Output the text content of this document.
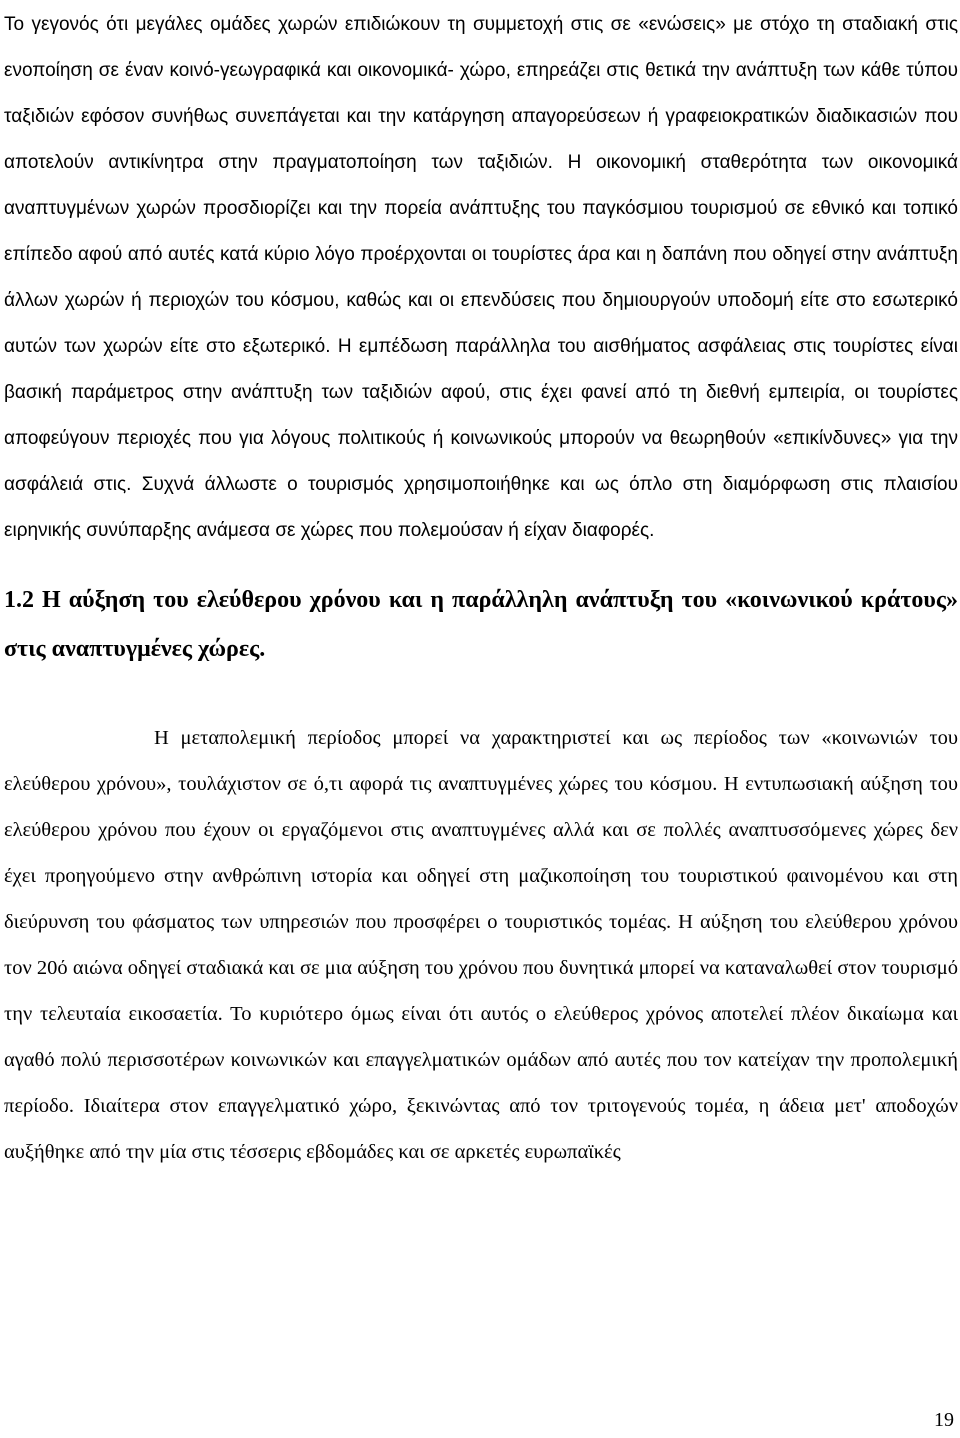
Το γεγονός ότι μεγάλες ομάδες χωρών επιδιώκουν τη συμμετοχή στις σε «ενώσεις» με στόχο τη σταδιακή στις ενοποίηση σε έναν κοινό-γεωγραφικά και οικονομικά- χώρο, επηρεάζει στις θετικά την ανάπτυξη των κάθε τύπου ταξιδιών εφόσον συνήθως συνεπάγεται και την κατάργηση απαγορεύσεων ή γραφειοκρατικών διαδικασιών που αποτελούν αντικίνητρα στην πραγματοποίηση των ταξιδιών. Η οικονομική σταθερότητα των οικονομικά αναπτυγμένων χωρών προσδιορίζει και την πορεία ανάπτυξης του παγκόσμιου τουρισμού σε εθνικό και τοπικό επίπεδο αφού από αυτές κατά κύριο λόγο προέρχονται οι τουρίστες άρα και η δαπάνη που οδηγεί στην ανάπτυξη άλλων χωρών ή περιοχών του κόσμου, καθώς και οι επενδύσεις που δημιουργούν υποδομή είτε στο εσωτερικό αυτών των χωρών είτε στο εξωτερικό. Η εμπέδωση παράλληλα του αισθήματος ασφάλειας στις τουρίστες είναι βασική παράμετρος στην ανάπτυξη των ταξιδιών αφού, στις έχει φανεί από τη διεθνή εμπειρία, οι τουρίστες αποφεύγουν περιοχές που για λόγους πολιτικούς ή κοινωνικούς μπορούν να θεωρηθούν «επικίνδυνες» για την ασφάλειά στις. Συχνά άλλωστε ο τουρισμός χρησιμοποιήθηκε και ως όπλο στη διαμόρφωση στις πλαισίου ειρηνικής συνύπαρξης ανάμεσα σε χώρες που πολεμούσαν ή είχαν διαφορές.

1.2 Η αύξηση του ελεύθερου χρόνου και η παράλληλη ανάπτυξη του «κοινωνικού κράτους» στις αναπτυγμένες χώρες.

Η μεταπολεμική περίοδος μπορεί να χαρακτηριστεί και ως περίοδος των «κοινωνιών του ελεύθερου χρόνου», τουλάχιστον σε ό,τι αφορά τις αναπτυγμένες χώρες του κόσμου. Η εντυπωσιακή αύξηση του ελεύθερου χρόνου που έχουν οι εργαζόμενοι στις αναπτυγμένες αλλά και σε πολλές αναπτυσσόμενες χώρες δεν έχει προηγούμενο στην ανθρώπινη ιστορία και οδηγεί στη μαζικοποίηση του τουριστικού φαινομένου και στη διεύρυνση του φάσματος των υπηρεσιών που προσφέρει ο τουριστικός τομέας. Η αύξηση του ελεύθερου χρόνου τον 20ό αιώνα οδηγεί σταδιακά και σε μια αύξηση του χρόνου που δυνητικά μπορεί να καταναλωθεί στον τουρισμό την τελευταία εικοσαετία. Το κυριότερο όμως είναι ότι αυτός ο ελεύθερος χρόνος αποτελεί πλέον δικαίωμα και αγαθό πολύ περισσοτέρων κοινωνικών και επαγγελματικών ομάδων από αυτές που τον κατείχαν την προπολεμική περίοδο. Ιδιαίτερα στον επαγγελματικό χώρο, ξεκινώντας από τον τριτογενούς τομέα, η άδεια μετ' αποδοχών αυξήθηκε από την μία στις τέσσερις εβδομάδες και σε αρκετές ευρωπαϊκές

19
